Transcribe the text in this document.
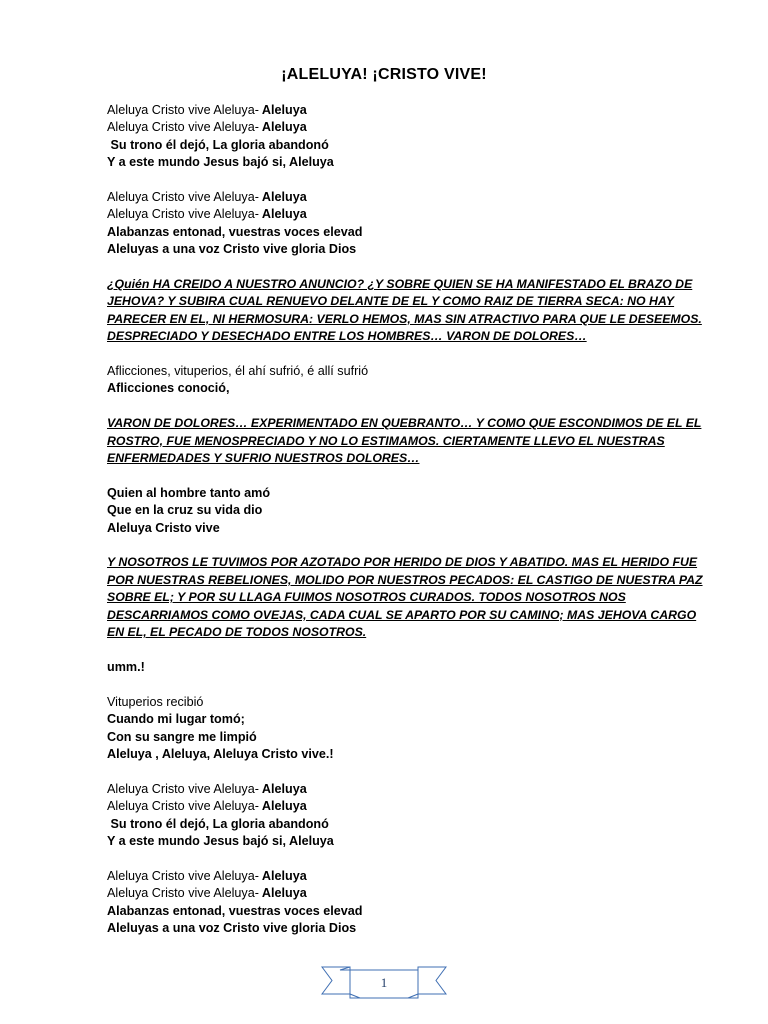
¡ALELUYA! ¡CRISTO VIVE!
Aleluya Cristo vive Aleluya- Aleluya
Aleluya Cristo vive Aleluya- Aleluya
Su trono él dejó, La gloria abandonó
Y a este mundo Jesus bajó si, Aleluya
Aleluya Cristo vive Aleluya- Aleluya
Aleluya Cristo vive Aleluya- Aleluya
Alabanzas entonad, vuestras voces elevad
Aleluyas a una voz Cristo vive gloria Dios
¿Quién HA CREIDO A NUESTRO ANUNCIO? ¿Y SOBRE QUIEN SE HA MANIFESTADO EL BRAZO DE
JEHOVA? Y SUBIRA CUAL RENUEVO DELANTE DE EL Y COMO RAIZ DE TIERRA SECA: NO HAY
PARECER EN EL, NI HERMOSURA: VERLO HEMOS, MAS SIN ATRACTIVO PARA QUE LE DESEEMOS.
DESPRECIADO Y DESECHADO ENTRE LOS HOMBRES… VARON DE DOLORES…
Aflicciones, vituperios, él ahí sufrió, é allí sufrió
Aflicciones conoció,
VARON DE DOLORES… EXPERIMENTADO EN QUEBRANTO… Y COMO QUE ESCONDIMOS DE EL EL
ROSTRO, FUE MENOSPRECIADO Y NO LO ESTIMAMOS. CIERTAMENTE LLEVO EL NUESTRAS
ENFERMEDADES Y SUFRIO NUESTROS DOLORES…
Quien al hombre tanto amó
Que en la cruz su vida dio
Aleluya Cristo vive
Y NOSOTROS LE TUVIMOS POR AZOTADO POR HERIDO DE DIOS Y ABATIDO. MAS EL HERIDO FUE
POR NUESTRAS REBELIONES, MOLIDO POR NUESTROS PECADOS: EL CASTIGO DE NUESTRA PAZ
SOBRE EL; Y POR SU LLAGA FUIMOS NOSOTROS CURADOS. TODOS NOSOTROS NOS
DESCARRIAMOS COMO OVEJAS, CADA CUAL SE APARTO POR SU CAMINO; MAS JEHOVA CARGO
EN EL, EL PECADO DE TODOS NOSOTROS.
umm.!
Vituperios recibió
Cuando mi lugar tomó;
Con su sangre me limpió
Aleluya , Aleluya, Aleluya Cristo vive.!
Aleluya Cristo vive Aleluya- Aleluya
Aleluya Cristo vive Aleluya- Aleluya
Su trono él dejó, La gloria abandonó
Y a este mundo Jesus bajó si, Aleluya
Aleluya Cristo vive Aleluya- Aleluya
Aleluya Cristo vive Aleluya- Aleluya
Alabanzas entonad, vuestras voces elevad
Aleluyas a una voz Cristo vive gloria Dios
1
